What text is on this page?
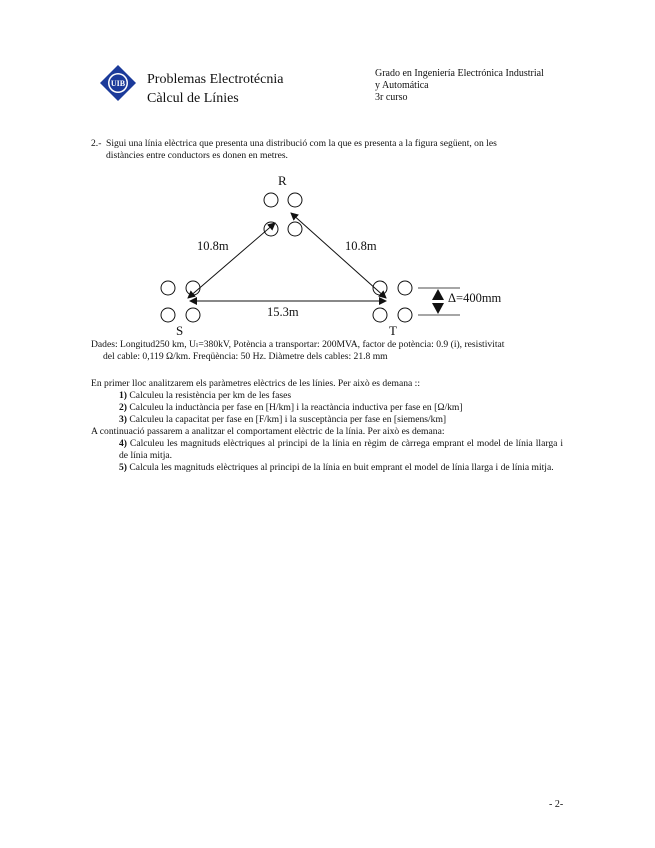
UIB Problemas Electrotécnia
Càlcul de Línies
Grado en Ingeniería Electrónica Industrial
y Automática
3r curso
2.- Sigui una línia elèctrica que presenta una distribució com la que es presenta a la figura següent, on les
distàncies entre conductors es donen en metres.
R
S	T
10.8m	10.8m
15.3m
Δ=400mm
Dades: Longitud250 km, Uₗ=380kV, Potència a transportar: 200MVA, factor de potència: 0.9 (i), resistivitat
del cable: 0,119 Ω/km. Freqüència: 50 Hz. Diàmetre dels cables: 21.8 mm
En primer lloc analitzarem els paràmetres elèctrics de les línies. Per això es demana ::
1) Calculeu la resistència per km de les fases
2) Calculeu la inductància per fase en [H/km] i la reactància inductiva per fase en [Ω/km]
3) Calculeu la capacitat per fase en [F/km] i la susceptància per fase en [siemens/km]
A continuació passarem a analitzar el comportament elèctric de la línia. Per això es demana:
4) Calculeu les magnituds elèctriques al principi de la línia en règim de càrrega emprant el model de línia llarga i de línia mitja.
5) Calcula les magnituds elèctriques al principi de la línia en buit emprant el model de línia llarga i de línia mitja.
- 2-
